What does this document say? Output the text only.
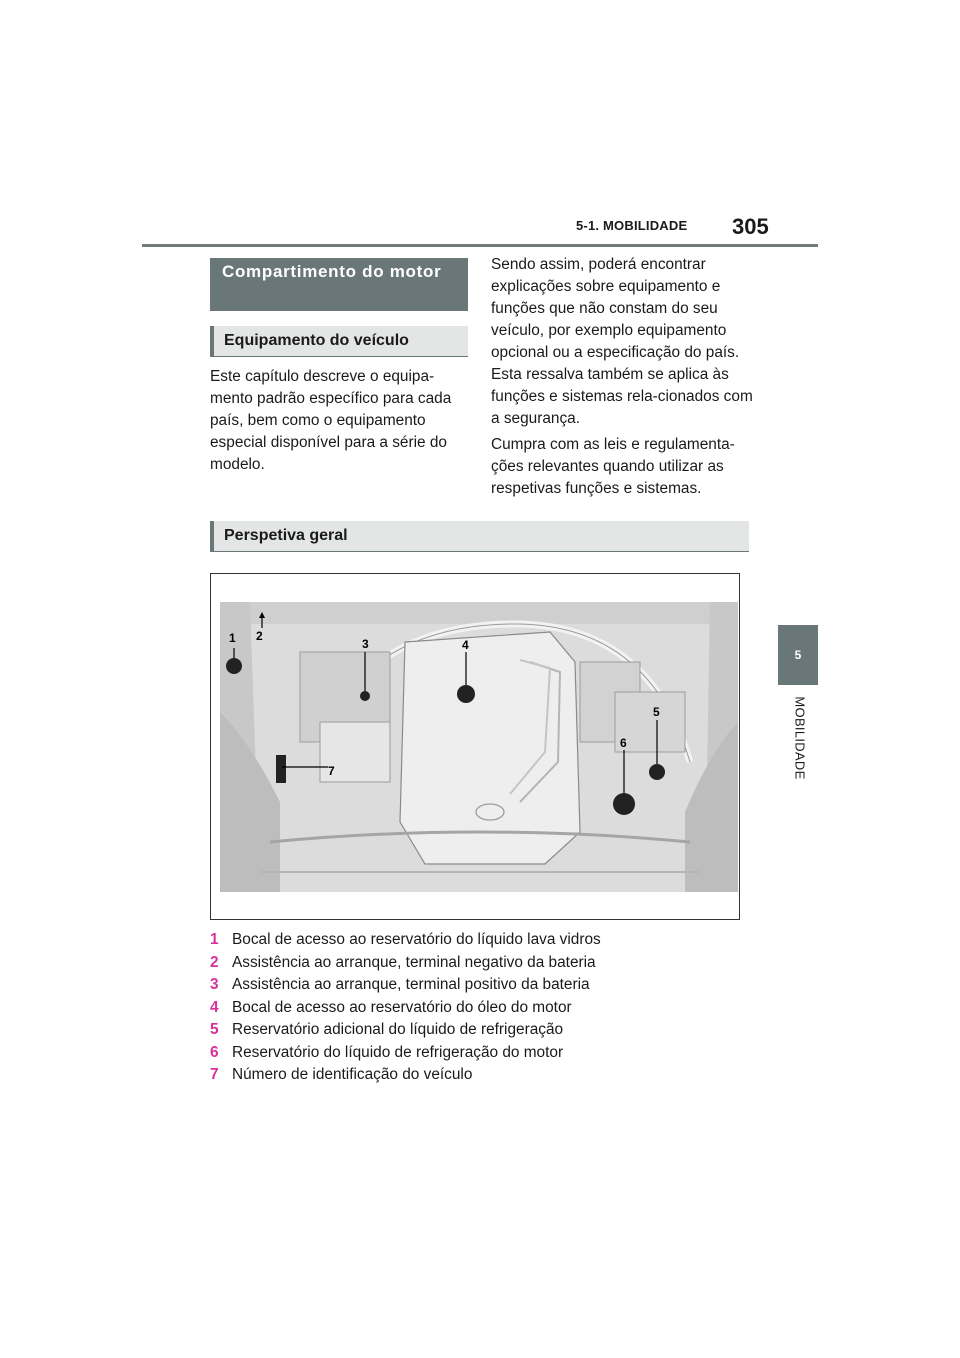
5-1. MOBILIDADE 305
5
MOBILIDADE
Compartimento do motor
Equipamento do veículo

Este capítulo descreve o equipa-mento padrão específico para cada país, bem como o equipamento especial disponível para a série do modelo.

Sendo assim, poderá encontrar explicações sobre equipamento e funções que não constam do seu veículo, por exemplo equipamento opcional ou a especificação do país. Esta ressalva também se aplica às funções e sistemas rela-cionados com a segurança.

Cumpra com as leis e regulamenta-ções relevantes quando utilizar as respetivas funções e sistemas.

Perspetiva geral
1 2
3	4
5
6
7
1 Bocal de acesso ao reservatório do líquido lava vidros
2 Assistência ao arranque, terminal negativo da bateria
3 Assistência ao arranque, terminal positivo da bateria
4 Bocal de acesso ao reservatório do óleo do motor
5 Reservatório adicional do líquido de refrigeração
6 Reservatório do líquido de refrigeração do motor
7 Número de identificação do veículo
